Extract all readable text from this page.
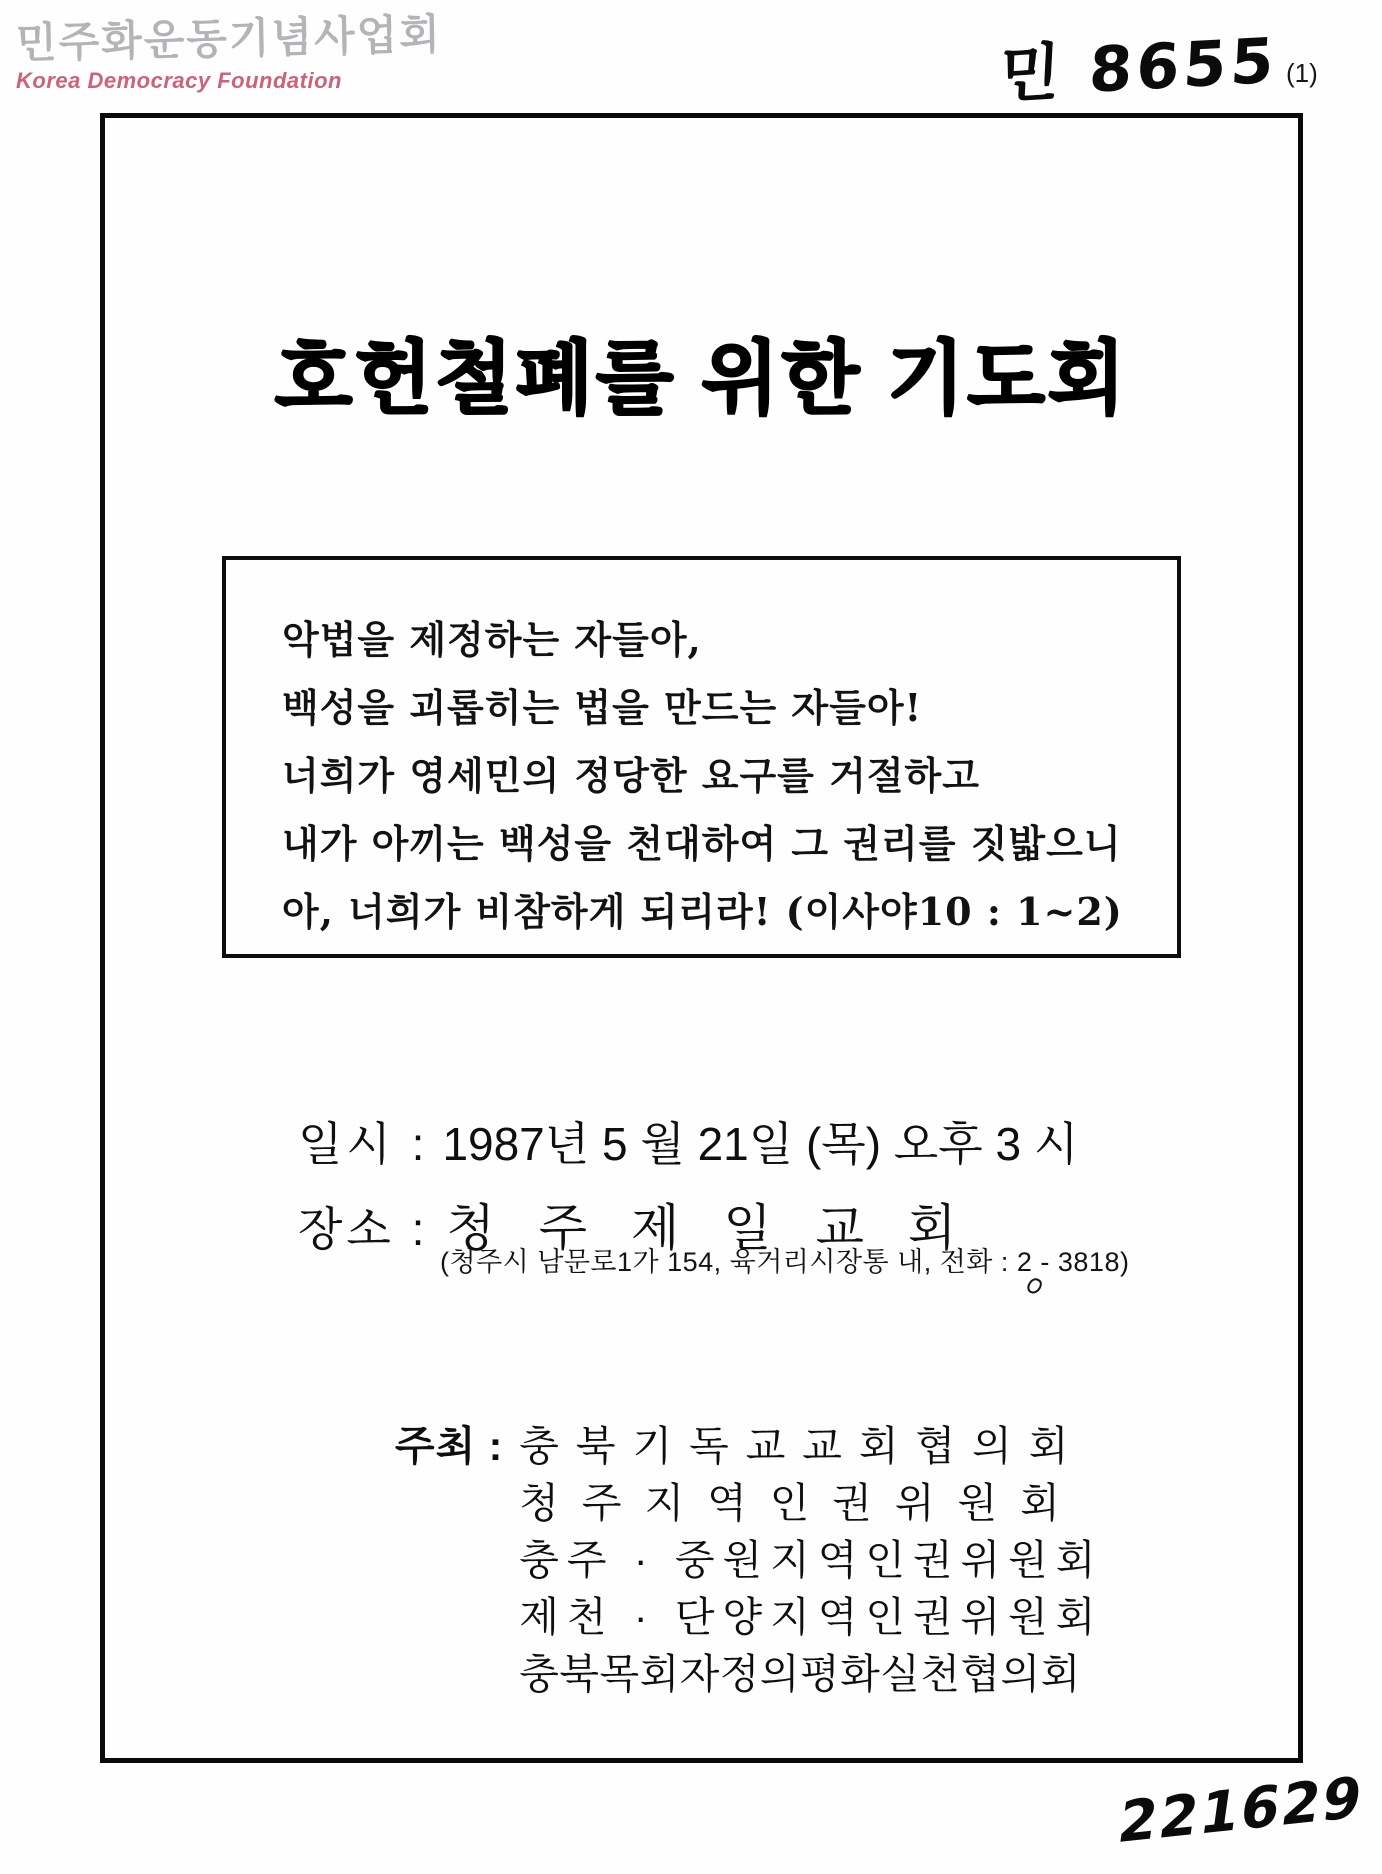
민주화운동기념사업회
Korea Democracy Foundation	민 8655 (1)
호헌철폐를 위한 기도회
악법을 제정하는 자들아,
백성을 괴롭히는 법을 만드는 자들아!
너희가 영세민의 정당한 요구를 거절하고
내가 아끼는 백성을 천대하여 그 권리를 짓밟으니
아, 너희가 비참하게 되리라! (이사야10 : 1~2)
일시 : 1987년 5 월 21일 (목) 오후 3 시
장소 : 청주제일교회
(청주시 남문로1가 154, 육거리시장통 내, 전화 : 2 - 3818)
주최 : 충북기독교교회협의회
청주지역인권위원회
충주 · 중원지역인권위원회
제천 · 단양지역인권위원회
충북목회자정의평화실천협의회
221629
